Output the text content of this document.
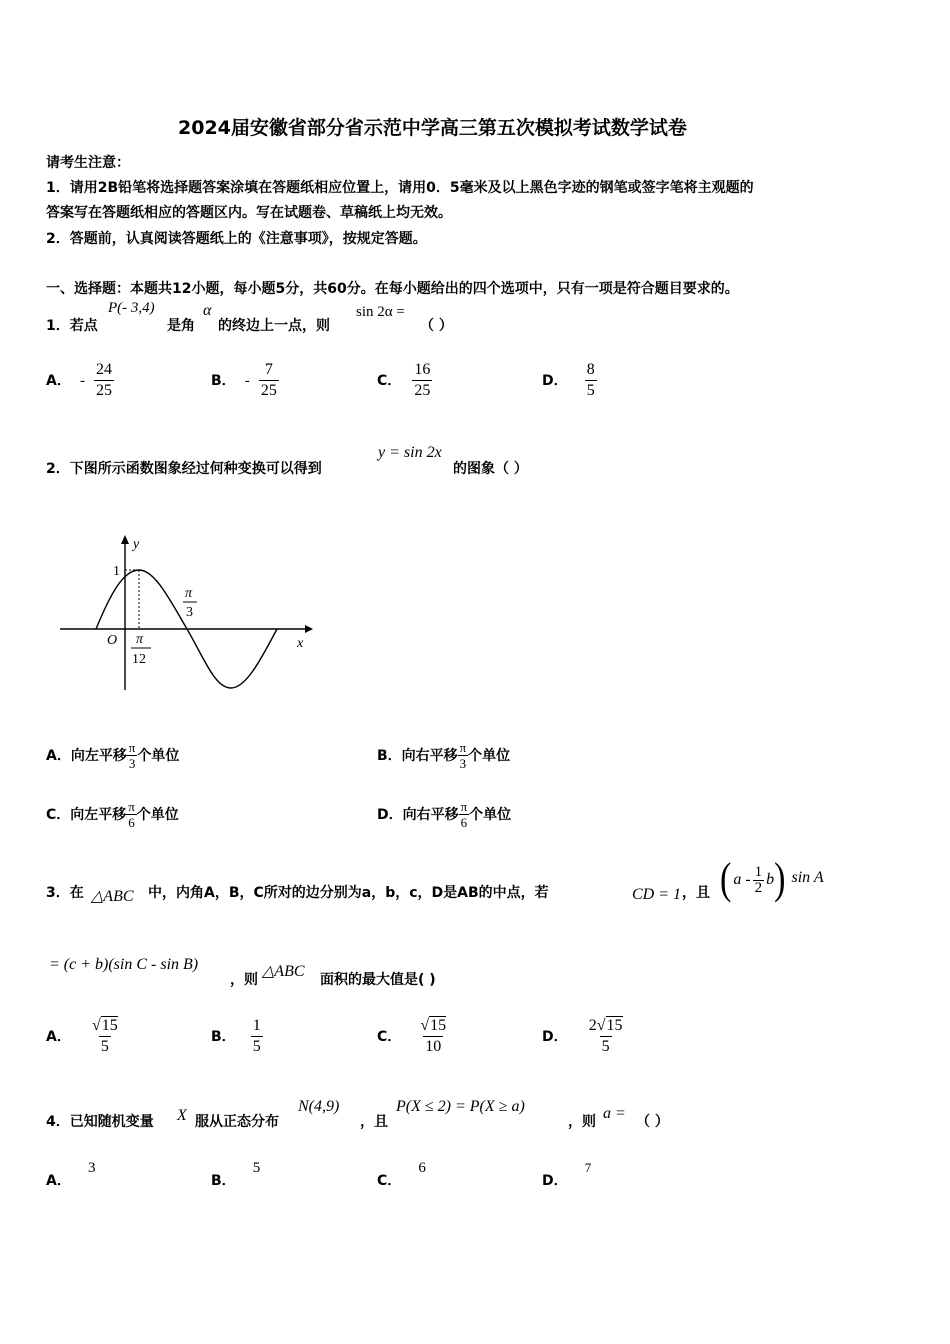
2024届安徽省部分省示范中学高三第五次模拟考试数学试卷
请考生注意：
1．请用2B铅笔将选择题答案涂填在答题纸相应位置上，请用0．5毫米及以上黑色字迹的钢笔或签字笔将主观题的
答案写在答题纸相应的答题区内。写在试题卷、草稿纸上均无效。
2．答题前，认真阅读答题纸上的《注意事项》，按规定答题。
一、选择题：本题共12小题，每小题5分，共60分。在每小题给出的四个选项中，只有一项是符合题目要求的。
1．若点
P(- 3,4)
是角
α
的终边上一点，则
sin 2α =
（ ）
A． - $\frac{24}{25}$	B． - $\frac{7}{25}$	C． $\frac{16}{25}$	D． $\frac{8}{5}$
2．下图所示函数图象经过何种变换可以得到
y = sin 2x
的图象（ ）
y
x
O
1
π
3
π
12
A．向左平移 $\frac{\pi}{3}$ 个单位	B．向右平移 $\frac{\pi}{3}$ 个单位
C．向左平移 $\frac{\pi}{6}$ 个单位	D．向右平移 $\frac{\pi}{6}$ 个单位
3．在 △ABC 中，内角A，B，C所对的边分别为a，b，c，D是AB的中点，若	CD = 1 ，且 ( a - $\frac{1}{2}$ b ) sin A
= (c + b)(sin C - sin B)
，则 △ABC 面积的最大值是( )
A． $\frac{√15}{5}$	B． $\frac{1}{5}$	C． $\frac{√15}{10}$	D． $\frac{2√15}{5}$
4．已知随机变量 X 服从正态分布
N(4,9)
，且
P(X ≤ 2) = P(X ≥ a)
，则 a = （ ）
A． 3
B． 5
C． 6
D． $^7$
